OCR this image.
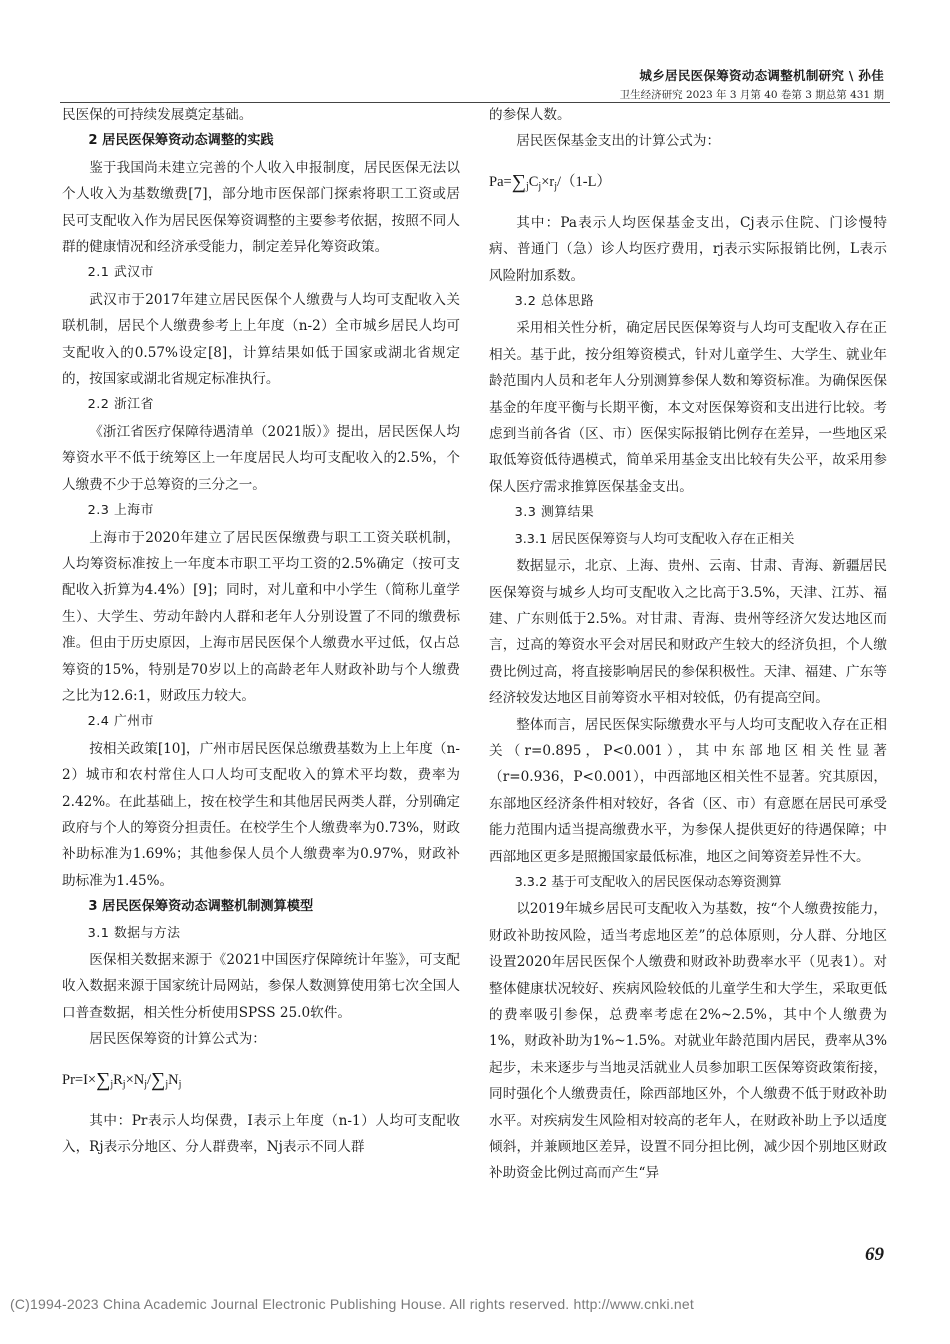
城乡居民医保筹资动态调整机制研究 \ 孙佳
卫生经济研究 2023 年 3 月第 40 卷第 3 期总第 431 期

民医保的可持续发展奠定基础。

2 居民医保筹资动态调整的实践

鉴于我国尚未建立完善的个人收入申报制度，居民医保无法以个人收入为基数缴费[7]，部分地市医保部门探索将职工工资或居民可支配收入作为居民医保筹资调整的主要参考依据，按照不同人群的健康情况和经济承受能力，制定差异化筹资政策。

2.1 武汉市

武汉市于2017年建立居民医保个人缴费与人均可支配收入关联机制，居民个人缴费参考上上年度（n-2）全市城乡居民人均可支配收入的0.57%设定[8]，计算结果如低于国家或湖北省规定的，按国家或湖北省规定标准执行。

2.2 浙江省

《浙江省医疗保障待遇清单（2021版）》提出，居民医保人均筹资水平不低于统筹区上一年度居民人均可支配收入的2.5%，个人缴费不少于总筹资的三分之一。

2.3 上海市

上海市于2020年建立了居民医保缴费与职工工资关联机制，人均筹资标准按上一年度本市职工平均工资的2.5%确定（按可支配收入折算为4.4%）[9]；同时，对儿童和中小学生（简称儿童学生）、大学生、劳动年龄内人群和老年人分别设置了不同的缴费标准。但由于历史原因，上海市居民医保个人缴费水平过低，仅占总筹资的15%，特别是70岁以上的高龄老年人财政补助与个人缴费之比为12.6:1，财政压力较大。

2.4 广州市

按相关政策[10]，广州市居民医保总缴费基数为上上年度（n-2）城市和农村常住人口人均可支配收入的算术平均数，费率为2.42%。在此基础上，按在校学生和其他居民两类人群，分别确定政府与个人的筹资分担责任。在校学生个人缴费率为0.73%，财政补助标准为1.69%；其他参保人员个人缴费率为0.97%，财政补助标准为1.45%。

3 居民医保筹资动态调整机制测算模型

3.1 数据与方法

医保相关数据来源于《2021中国医疗保障统计年鉴》，可支配收入数据来源于国家统计局网站，参保人数测算使用第七次全国人口普查数据，相关性分析使用SPSS 25.0软件。

居民医保筹资的计算公式为：

$Pr=I\times\sum_jR_j\times N_j/\sum_jN_j$

其中：Pr表示人均保费，I表示上年度（n-1）人均可支配收入，Rj表示分地区、分人群费率，Nj表示不同人群

的参保人数。

居民医保基金支出的计算公式为：

$Pa=\sum_jC_j\times r_j/(1-L)$

其中：Pa表示人均医保基金支出，Cj表示住院、门诊慢特病、普通门（急）诊人均医疗费用，rj表示实际报销比例，L表示风险附加系数。

3.2 总体思路

采用相关性分析，确定居民医保筹资与人均可支配收入存在正相关。基于此，按分组筹资模式，针对儿童学生、大学生、就业年龄范围内人员和老年人分别测算参保人数和筹资标准。为确保医保基金的年度平衡与长期平衡，本文对医保筹资和支出进行比较。考虑到当前各省（区、市）医保实际报销比例存在差异，一些地区采取低筹资低待遇模式，简单采用基金支出比较有失公平，故采用参保人医疗需求推算医保基金支出。

3.3 测算结果

3.3.1 居民医保筹资与人均可支配收入存在正相关

数据显示，北京、上海、贵州、云南、甘肃、青海、新疆居民医保筹资与城乡人均可支配收入之比高于3.5%，天津、江苏、福建、广东则低于2.5%。对甘肃、青海、贵州等经济欠发达地区而言，过高的筹资水平会对居民和财政产生较大的经济负担，个人缴费比例过高，将直接影响居民的参保积极性。天津、福建、广东等经济较发达地区目前筹资水平相对较低，仍有提高空间。

整体而言，居民医保实际缴费水平与人均可支配收入存在正相关（r=0.895，P<0.001），其中东部地区相关性显著（r=0.936，P<0.001），中西部地区相关性不显著。究其原因，东部地区经济条件相对较好，各省（区、市）有意愿在居民可承受能力范围内适当提高缴费水平，为参保人提供更好的待遇保障；中西部地区更多是照搬国家最低标准，地区之间筹资差异性不大。

3.3.2 基于可支配收入的居民医保动态筹资测算

以2019年城乡居民可支配收入为基数，按“个人缴费按能力，财政补助按风险，适当考虑地区差”的总体原则，分人群、分地区设置2020年居民医保个人缴费和财政补助费率水平（见表1）。对整体健康状况较好、疾病风险较低的儿童学生和大学生，采取更低的费率吸引参保，总费率考虑在2%~2.5%，其中个人缴费为1%，财政补助为1%~1.5%。对就业年龄范围内居民，费率从3%起步，未来逐步与当地灵活就业人员参加职工医保筹资政策衔接，同时强化个人缴费责任，除西部地区外，个人缴费不低于财政补助水平。对疾病发生风险相对较高的老年人，在财政补助上予以适度倾斜，并兼顾地区差异，设置不同分担比例，减少因个别地区财政补助资金比例过高而产生“异

69
(C)1994-2023 China Academic Journal Electronic Publishing House. All rights reserved. http://www.cnki.net
